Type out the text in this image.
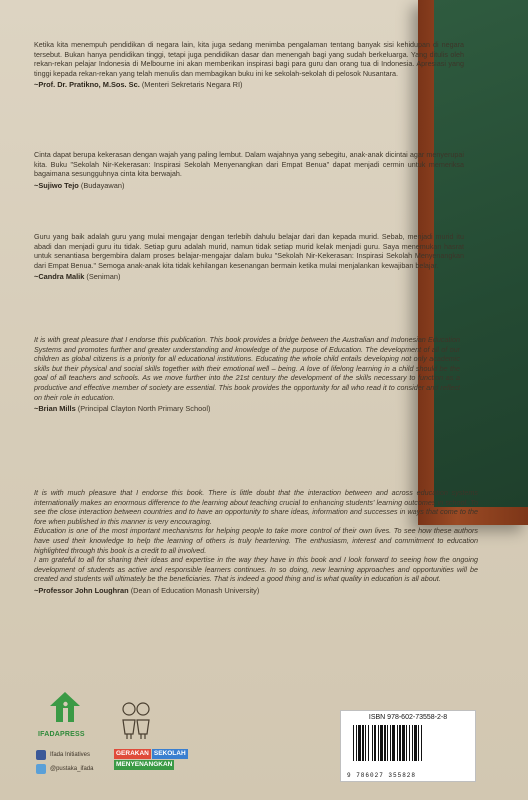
Ketika kita menempuh pendidikan di negara lain, kita juga sedang menimba pengalaman tentang banyak sisi kehidupan di negara tersebut. Bukan hanya pendidikan tinggi, tetapi juga pendidikan dasar dan menengah bagi yang sudah berkeluarga. Yang ditulis oleh rekan-rekan pelajar Indonesia di Melbourne ini akan memberikan inspirasi bagi para guru dan orang tua di Indonesia. Apresiasi yang tinggi kepada rekan-rekan yang telah menulis dan membagikan buku ini ke sekolah-sekolah di pelosok Nusantara.

~Prof. Dr. Pratikno, M.Sos. Sc. (Menteri Sekretaris Negara RI)

Cinta dapat berupa kekerasan dengan wajah yang paling lembut. Dalam wajahnya yang sebegitu, anak-anak dicintai agar menyerupai kita. Buku "Sekolah Nir-Kekerasan: Inspirasi Sekolah Menyenangkan dari Empat Benua" dapat menjadi cermin untuk memeriksa bagaimana sesungguhnya cinta kita berwajah.

~Sujiwo Tejo (Budayawan)

Guru yang baik adalah guru yang mulai mengajar dengan terlebih dahulu belajar dari dan kepada murid. Sebab, menjadi murid itu abadi dan menjadi guru itu tidak. Setiap guru adalah murid, namun tidak setiap murid kelak menjadi guru. Saya menemukan hasrat untuk senantiasa bergembira dalam proses belajar-mengajar dalam buku "Sekolah Nir-Kekerasan: Inspirasi Sekolah Menyenangkan dari Empat Benua." Semoga anak-anak kita tidak kehilangan kesenangan bermain ketika mulai menjalankan kewajiban belajar.

~Candra Malik (Seniman)

It is with great pleasure that I endorse this publication. This book provides a bridge between the Australian and Indonesian Education Systems and promotes further and greater understanding and knowledge of the purpose of Education. The development of all of our children as global citizens is a priority for all educational institutions. Educating the whole child entails developing not only academic skills but their physical and social skills together with their emotional well – being. A love of lifelong learning in a child should be the goal of all teachers and schools. As we move further into the 21st century the development of the skills necessary to function as a productive and effective member of society are essential. This book provides the opportunity for all who read it to consider and reflect on their role in education.

~Brian Mills (Principal Clayton North Primary School)

It is with much pleasure that I endorse this book. There is little doubt that the interaction between and across education systems internationally makes an enormous difference to the learning about teaching crucial to enhancing students' learning outcomes in school. To see the close interaction between countries and to have an opportunity to share ideas, information and successes in ways that come to the fore when published in this manner is very encouraging.

Education is one of the most important mechanisms for helping people to take more control of their own lives. To see how these authors have used their knowledge to help the learning of others is truly heartening. The enthusiasm, interest and commitment to education highlighted through this book is a credit to all involved.

I am grateful to all for sharing their ideas and expertise in the way they have in this book and I look forward to seeing how the ongoing development of students as active and responsible learners continues. In so doing, new learning approaches and opportunities will be created and students will ultimately be the beneficiaries. That is indeed a good thing and is what quality in education is all about.

~Professor John Loughran (Dean of Education Monash University)
IFADAPRESS
Ifada Initiatives
@pustaka_ifada
GERAKAN SEKOLAH
MENYENANGKAN
ISBN 978-602-73558-2-8
9 786027 355828
